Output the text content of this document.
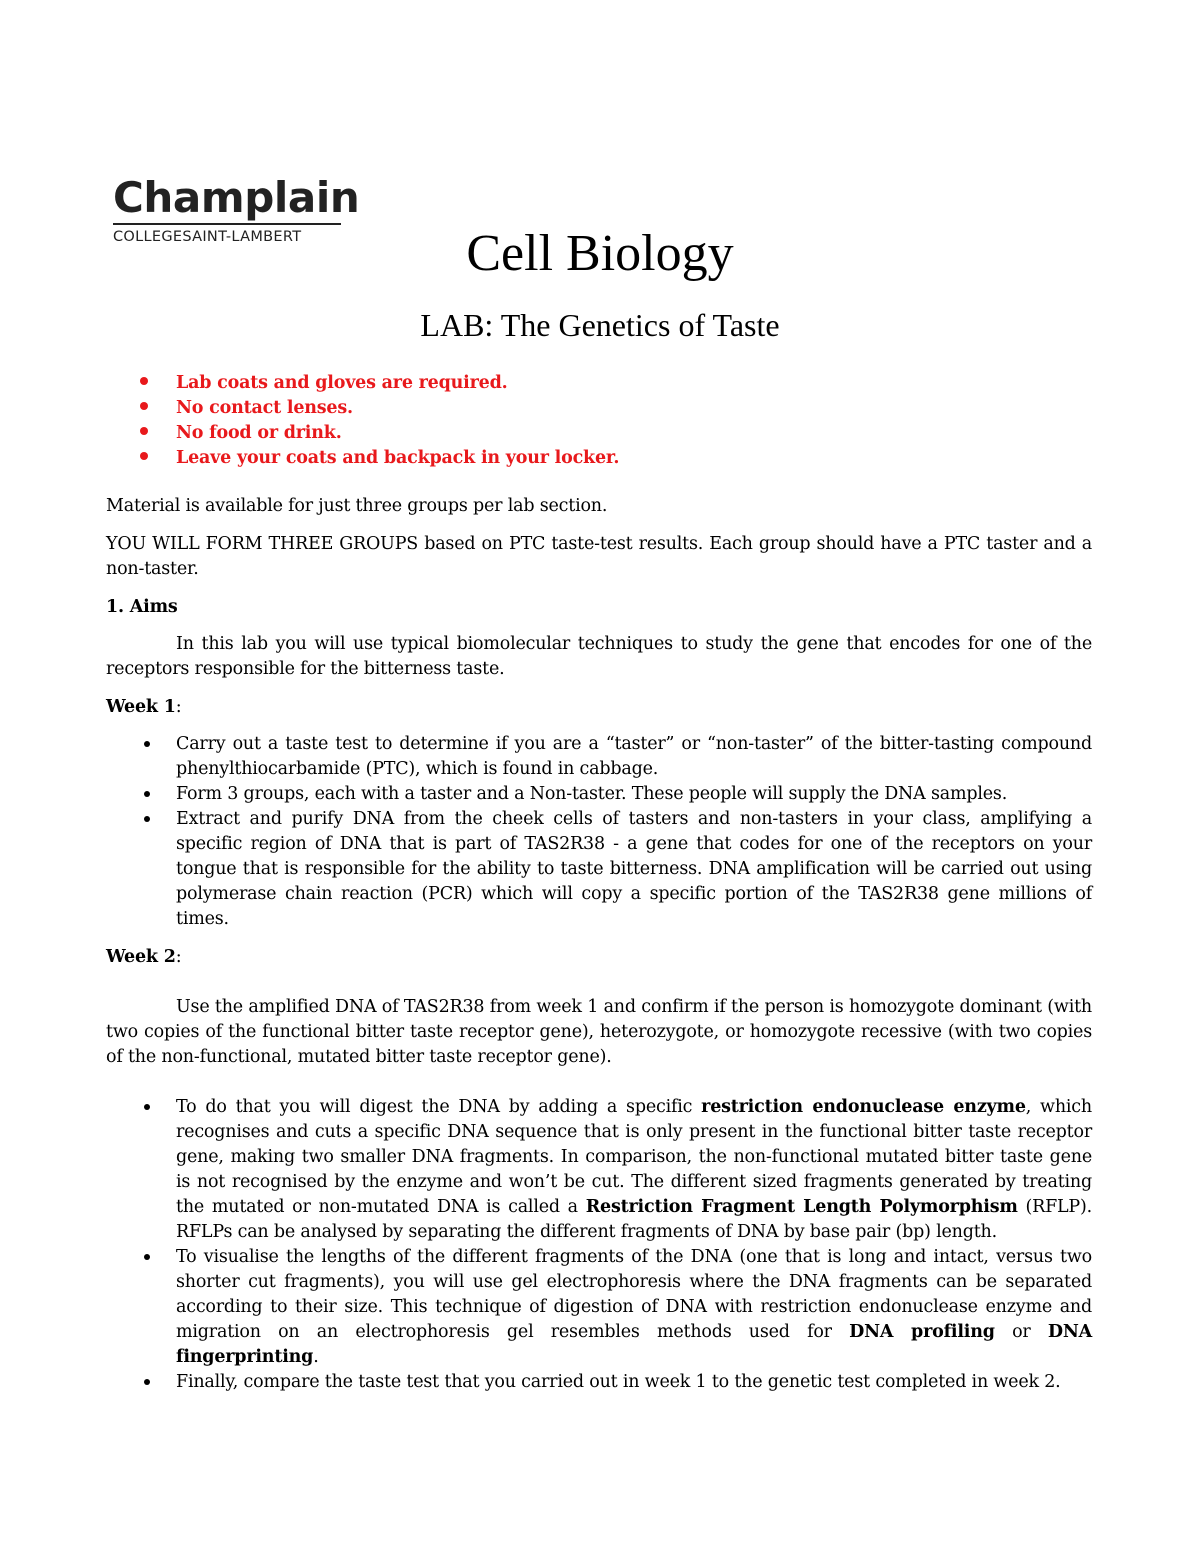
Champlain
COLLEGESAINT-LAMBERT	Cell Biology
LAB: The Genetics of Taste
Lab coats and gloves are required.
No contact lenses.
No food or drink.
Leave your coats and backpack in your locker.

Material is available for just three groups per lab section.

YOU WILL FORM THREE GROUPS based on PTC taste-test results. Each group should have a PTC taster and a non-taster.

1. Aims

In this lab you will use typical biomolecular techniques to study the gene that encodes for one of the receptors responsible for the bitterness taste.

Week 1:

Carry out a taste test to determine if you are a “taster” or “non-taster” of the bitter-tasting compound phenylthiocarbamide (PTC), which is found in cabbage.
Form 3 groups, each with a taster and a Non-taster. These people will supply the DNA samples.
Extract and purify DNA from the cheek cells of tasters and non-tasters in your class, amplifying a specific region of DNA that is part of TAS2R38 - a gene that codes for one of the receptors on your tongue that is responsible for the ability to taste bitterness. DNA amplification will be carried out using polymerase chain reaction (PCR) which will copy a specific portion of the TAS2R38 gene millions of times.

Week 2:

Use the amplified DNA of TAS2R38 from week 1 and confirm if the person is homozygote dominant (with two copies of the functional bitter taste receptor gene), heterozygote, or homozygote recessive (with two copies of the non-functional, mutated bitter taste receptor gene).

To do that you will digest the DNA by adding a specific restriction endonuclease enzyme, which recognises and cuts a specific DNA sequence that is only present in the functional bitter taste receptor gene, making two smaller DNA fragments. In comparison, the non-functional mutated bitter taste gene is not recognised by the enzyme and won’t be cut. The different sized fragments generated by treating the mutated or non-mutated DNA is called a Restriction Fragment Length Polymorphism (RFLP). RFLPs can be analysed by separating the different fragments of DNA by base pair (bp) length.
To visualise the lengths of the different fragments of the DNA (one that is long and intact, versus two shorter cut fragments), you will use gel electrophoresis where the DNA fragments can be separated according to their size. This technique of digestion of DNA with restriction endonuclease enzyme and migration on an electrophoresis gel resembles methods used for DNA profiling or DNA fingerprinting.
Finally, compare the taste test that you carried out in week 1 to the genetic test completed in week 2.
